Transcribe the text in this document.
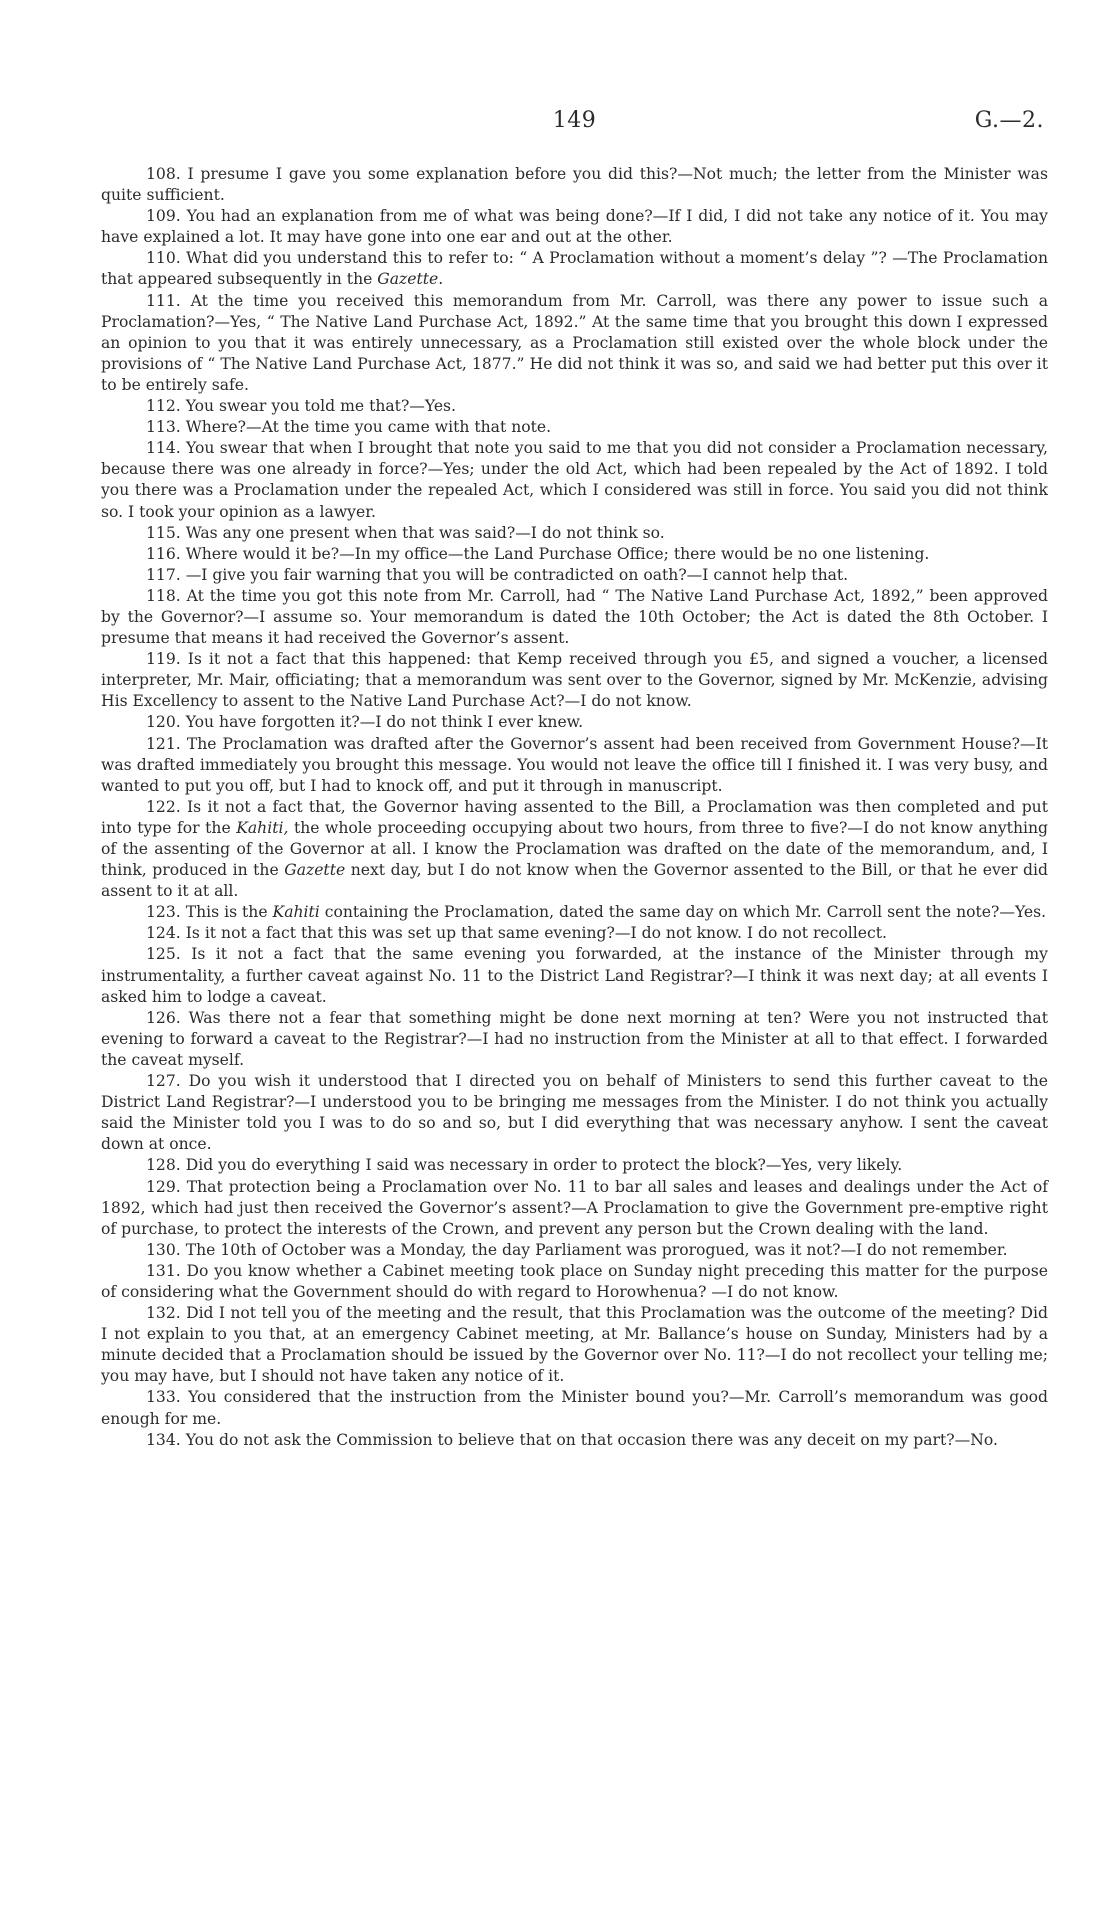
149	G.—2.

108. I presume I gave you some explanation before you did this?—Not much; the letter from the Minister was quite sufficient.

109. You had an explanation from me of what was being done?—If I did, I did not take any notice of it. You may have explained a lot. It may have gone into one ear and out at the other.

110. What did you understand this to refer to: “ A Proclamation without a moment’s delay ”? —The Proclamation that appeared subsequently in the Gazette.

111. At the time you received this memorandum from Mr. Carroll, was there any power to issue such a Proclamation?—Yes, “ The Native Land Purchase Act, 1892.” At the same time that you brought this down I expressed an opinion to you that it was entirely unnecessary, as a Proclamation still existed over the whole block under the provisions of “ The Native Land Purchase Act, 1877.” He did not think it was so, and said we had better put this over it to be entirely safe.

112. You swear you told me that?—Yes.

113. Where?—At the time you came with that note.

114. You swear that when I brought that note you said to me that you did not consider a Proclamation necessary, because there was one already in force?—Yes; under the old Act, which had been repealed by the Act of 1892. I told you there was a Proclamation under the repealed Act, which I considered was still in force. You said you did not think so. I took your opinion as a lawyer.

115. Was any one present when that was said?—I do not think so.

116. Where would it be?—In my office—the Land Purchase Office; there would be no one listening.

117. —I give you fair warning that you will be contradicted on oath?—I cannot help that.

118. At the time you got this note from Mr. Carroll, had “ The Native Land Purchase Act, 1892,” been approved by the Governor?—I assume so. Your memorandum is dated the 10th October; the Act is dated the 8th October. I presume that means it had received the Governor’s assent.

119. Is it not a fact that this happened: that Kemp received through you £5, and signed a voucher, a licensed interpreter, Mr. Mair, officiating; that a memorandum was sent over to the Governor, signed by Mr. McKenzie, advising His Excellency to assent to the Native Land Purchase Act?—I do not know.

120. You have forgotten it?—I do not think I ever knew.

121. The Proclamation was drafted after the Governor’s assent had been received from Government House?—It was drafted immediately you brought this message. You would not leave the office till I finished it. I was very busy, and wanted to put you off, but I had to knock off, and put it through in manuscript.

122. Is it not a fact that, the Governor having assented to the Bill, a Proclamation was then completed and put into type for the Kahiti, the whole proceeding occupying about two hours, from three to five?—I do not know anything of the assenting of the Governor at all. I know the Proclamation was drafted on the date of the memorandum, and, I think, produced in the Gazette next day, but I do not know when the Governor assented to the Bill, or that he ever did assent to it at all.

123. This is the Kahiti containing the Proclamation, dated the same day on which Mr. Carroll sent the note?—Yes.

124. Is it not a fact that this was set up that same evening?—I do not know. I do not recollect.

125. Is it not a fact that the same evening you forwarded, at the instance of the Minister through my instrumentality, a further caveat against No. 11 to the District Land Registrar?—I think it was next day; at all events I asked him to lodge a caveat.

126. Was there not a fear that something might be done next morning at ten? Were you not instructed that evening to forward a caveat to the Registrar?—I had no instruction from the Minister at all to that effect. I forwarded the caveat myself.

127. Do you wish it understood that I directed you on behalf of Ministers to send this further caveat to the District Land Registrar?—I understood you to be bringing me messages from the Minister. I do not think you actually said the Minister told you I was to do so and so, but I did everything that was necessary anyhow. I sent the caveat down at once.

128. Did you do everything I said was necessary in order to protect the block?—Yes, very likely.

129. That protection being a Proclamation over No. 11 to bar all sales and leases and dealings under the Act of 1892, which had just then received the Governor’s assent?—A Proclamation to give the Government pre-emptive right of purchase, to protect the interests of the Crown, and prevent any person but the Crown dealing with the land.

130. The 10th of October was a Monday, the day Parliament was prorogued, was it not?—I do not remember.

131. Do you know whether a Cabinet meeting took place on Sunday night preceding this matter for the purpose of considering what the Government should do with regard to Horowhenua? —I do not know.

132. Did I not tell you of the meeting and the result, that this Proclamation was the outcome of the meeting? Did I not explain to you that, at an emergency Cabinet meeting, at Mr. Ballance’s house on Sunday, Ministers had by a minute decided that a Proclamation should be issued by the Governor over No. 11?—I do not recollect your telling me; you may have, but I should not have taken any notice of it.

133. You considered that the instruction from the Minister bound you?—Mr. Carroll’s memorandum was good enough for me.

134. You do not ask the Commission to believe that on that occasion there was any deceit on my part?—No.
